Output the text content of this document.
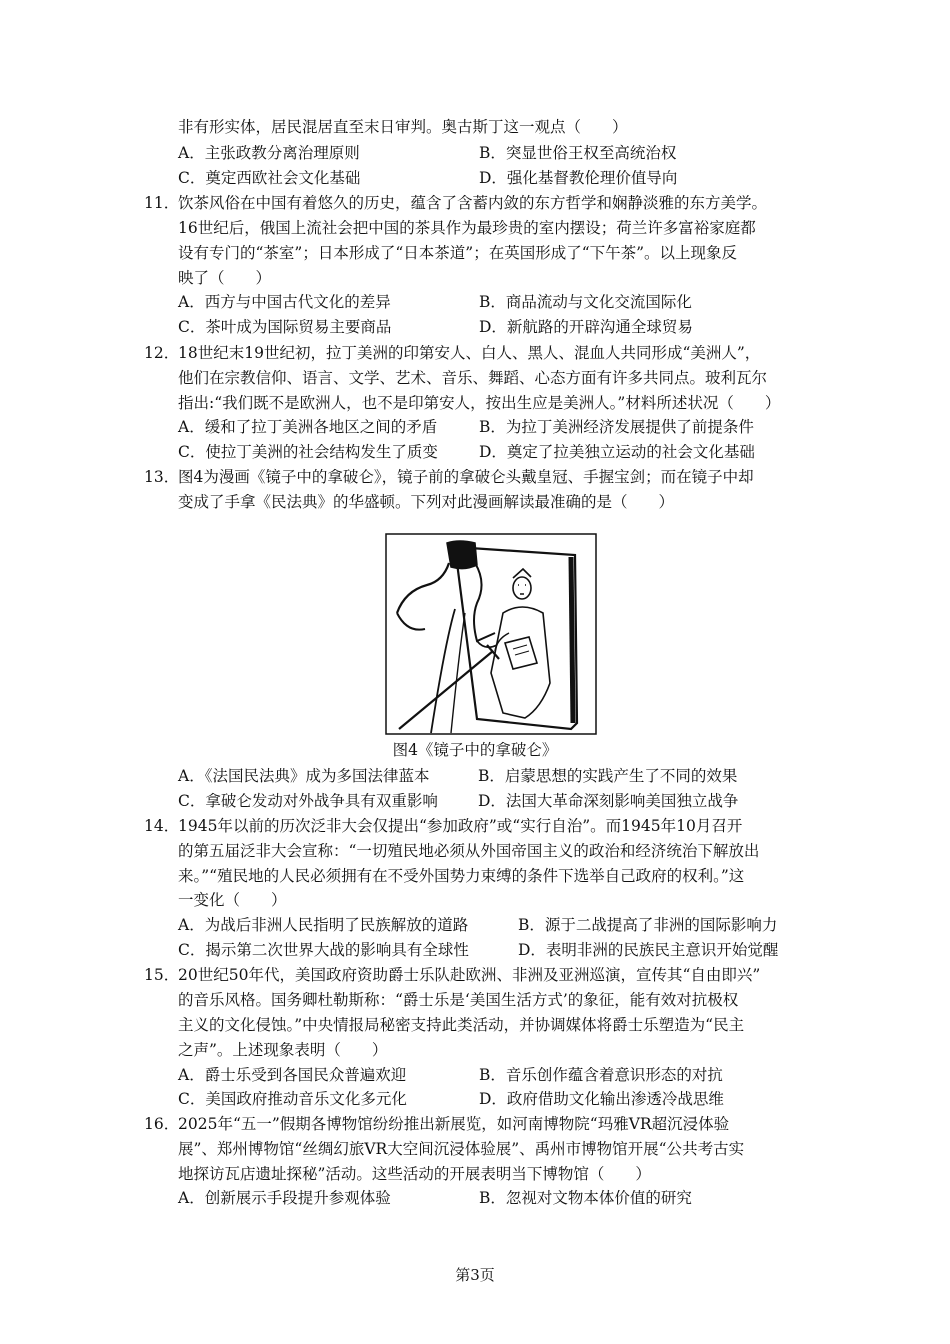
非有形实体，居民混居直至末日审判。奥古斯丁这一观点（　　）
A．主张政教分离治理原则	B．突显世俗王权至高统治权
C．奠定西欧社会文化基础	D．强化基督教伦理价值导向
11．
饮茶风俗在中国有着悠久的历史，蕴含了含蓄内敛的东方哲学和娴静淡雅的东方美学。
16世纪后，俄国上流社会把中国的茶具作为最珍贵的室内摆设；荷兰许多富裕家庭都
设有专门的“茶室”；日本形成了“日本茶道”；在英国形成了“下午茶”。以上现象反
映了（　　）
A．西方与中国古代文化的差异	B．商品流动与文化交流国际化
C．茶叶成为国际贸易主要商品	D．新航路的开辟沟通全球贸易
12．
18世纪末19世纪初，拉丁美洲的印第安人、白人、黑人、混血人共同形成“美洲人”，
他们在宗教信仰、语言、文学、艺术、音乐、舞蹈、心态方面有许多共同点。玻利瓦尔
指出:“我们既不是欧洲人，也不是印第安人，按出生应是美洲人。”材料所述状况（　　）
A．缓和了拉丁美洲各地区之间的矛盾	B．为拉丁美洲经济发展提供了前提条件
C．使拉丁美洲的社会结构发生了质变	D．奠定了拉美独立运动的社会文化基础
13．
图4为漫画《镜子中的拿破仑》，镜子前的拿破仑头戴皇冠、手握宝剑；而在镜子中却
变成了手拿《民法典》的华盛顿。下列对此漫画解读最准确的是（　　）
图4《镜子中的拿破仑》
A．《法国民法典》成为多国法律蓝本	B．启蒙思想的实践产生了不同的效果
C．拿破仑发动对外战争具有双重影响	D．法国大革命深刻影响美国独立战争
14．
1945年以前的历次泛非大会仅提出“参加政府”或“实行自治”。而1945年10月召开
的第五届泛非大会宣称：“一切殖民地必须从外国帝国主义的政治和经济统治下解放出
来。”“殖民地的人民必须拥有在不受外国势力束缚的条件下选举自己政府的权利。”这
一变化（　　）
A．为战后非洲人民指明了民族解放的道路	B．源于二战提高了非洲的国际影响力
C．揭示第二次世界大战的影响具有全球性	D．表明非洲的民族民主意识开始觉醒
15．
20世纪50年代，美国政府资助爵士乐队赴欧洲、非洲及亚洲巡演，宣传其“自由即兴”
的音乐风格。国务卿杜勒斯称：“爵士乐是‘美国生活方式’的象征，能有效对抗极权
主义的文化侵蚀。”中央情报局秘密支持此类活动，并协调媒体将爵士乐塑造为“民主
之声”。上述现象表明（　　）
A．爵士乐受到各国民众普遍欢迎	B．音乐创作蕴含着意识形态的对抗
C．美国政府推动音乐文化多元化	D．政府借助文化输出渗透冷战思维
16．
2025年“五一”假期各博物馆纷纷推出新展览，如河南博物院“玛雅VR超沉浸体验
展”、郑州博物馆“丝绸幻旅VR大空间沉浸体验展”、禹州市博物馆开展“公共考古实
地探访瓦店遗址探秘”活动。这些活动的开展表明当下博物馆（　　）
A．创新展示手段提升参观体验	B．忽视对文物本体价值的研究
第3页
